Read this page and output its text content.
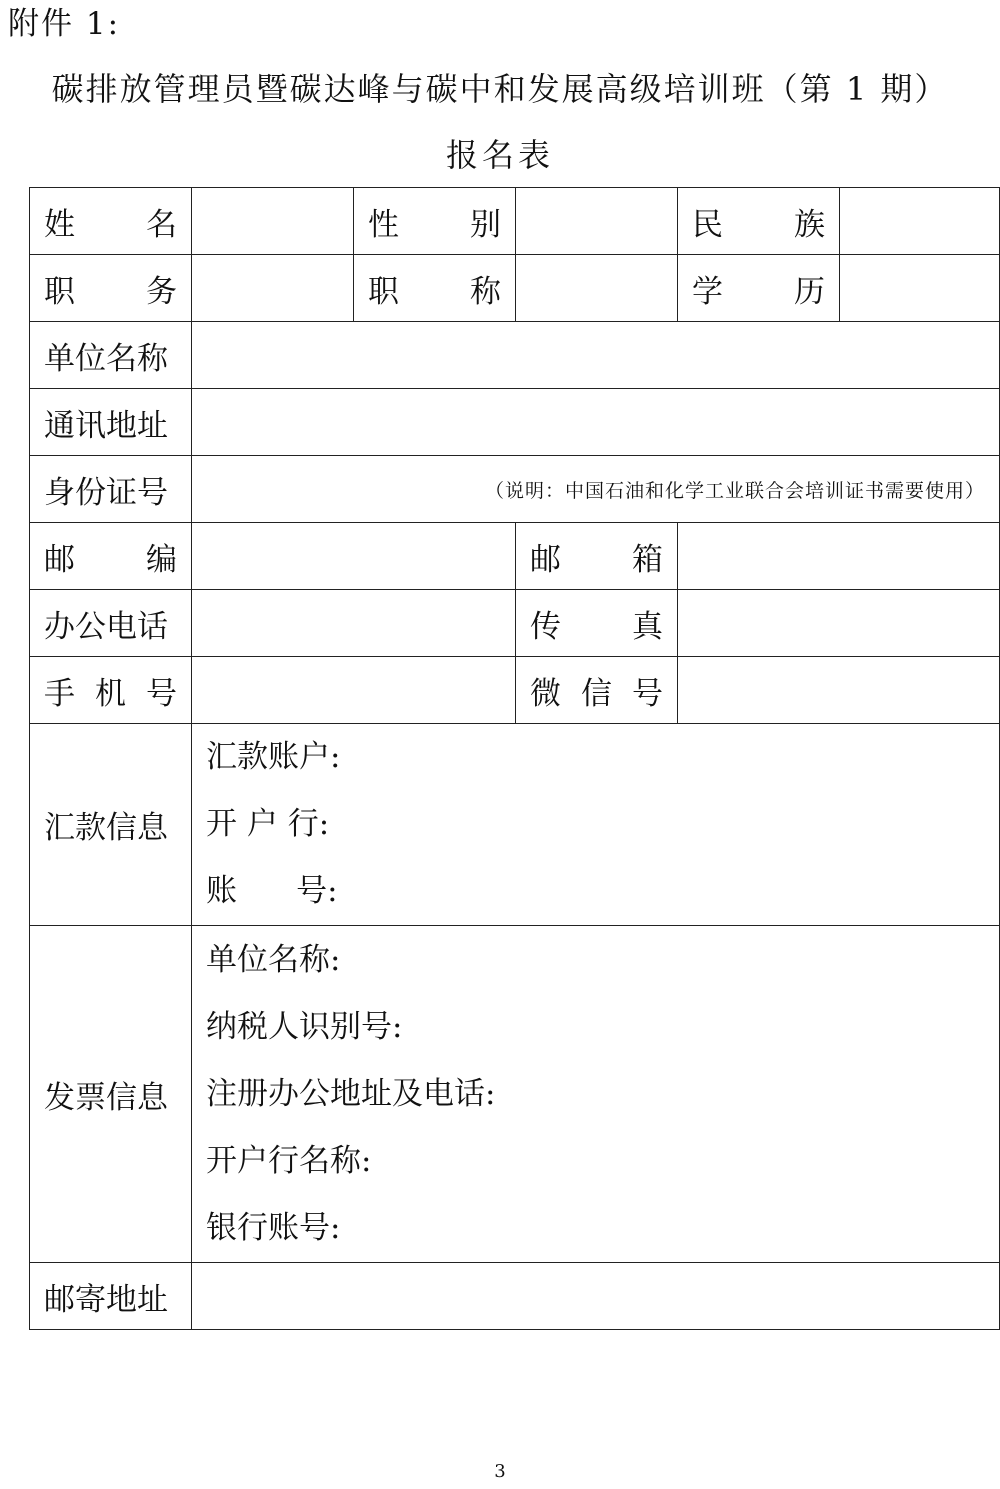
附件 1:
碳排放管理员暨碳达峰与碳中和发展高级培训班（第 1 期）
报名表
姓 名		性 别		民 族	

职 务		职 称		学 历	

单位名称					

通讯地址					

身份证号	（说明：中国石油和化学工业联合会培训证书需要使用）				

邮 编			邮 箱		

办公电话			传 真		

手 机 号			微 信 号		

汇款信息	汇款账户:
开 户 行:
账      号:				

发票信息	单位名称:
纳税人识别号:
注册办公地址及电话:
开户行名称:
银行账号:				

邮寄地址					

3
